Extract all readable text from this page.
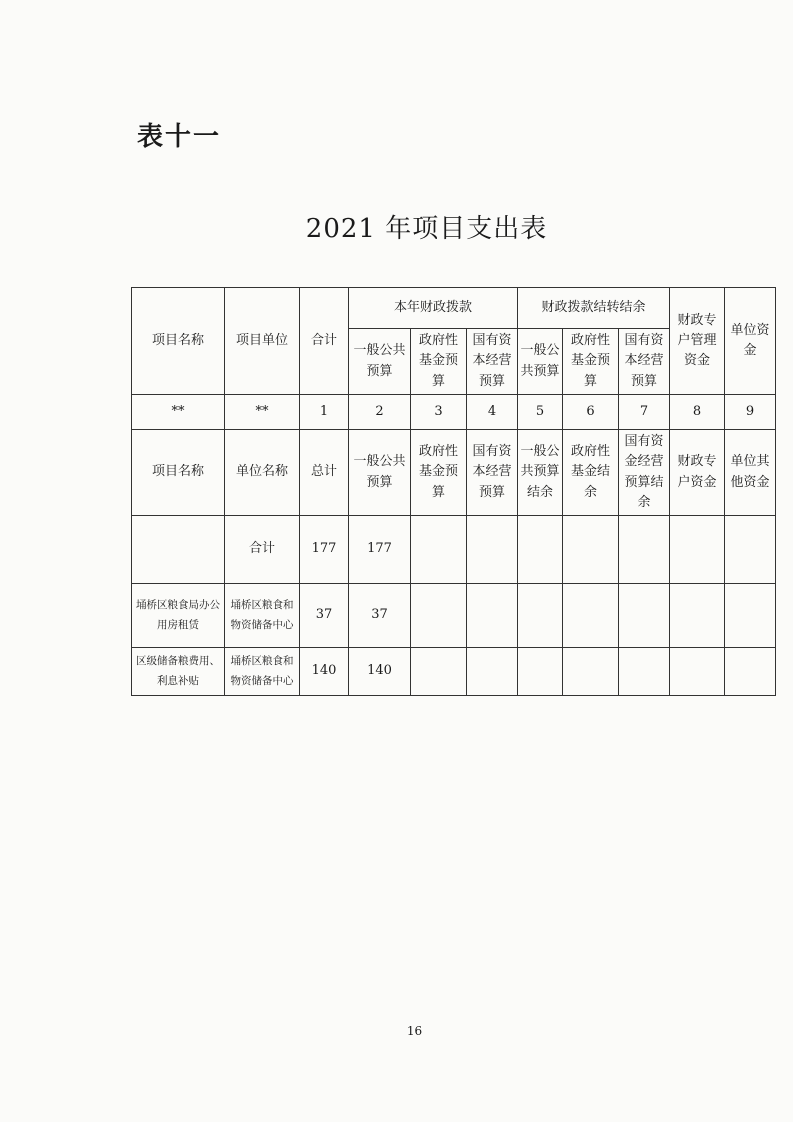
表十一
2021 年项目支出表
项目名称	项目单位	合计	本年财政拨款			财政拨款结转结余			财政专户管理资金	单位资金
			一般公共预算	政府性基金预算	国有资本经营预算	一般公共预算	政府性基金预算	国有资本经营预算		
**	**	1	2	3	4	5	6	7	8	9
项目名称	单位名称	总计	一般公共预算	政府性基金预算	国有资本经营预算	一般公共预算结余	政府性基金结余	国有资金经营预算结余	财政专户资金	单位其他资金
	合计	177	177							
埇桥区粮食局办公用房租赁	埇桥区粮食和物资储备中心	37	37							
区级储备粮费用、利息补贴	埇桥区粮食和物资储备中心	140	140							
16
